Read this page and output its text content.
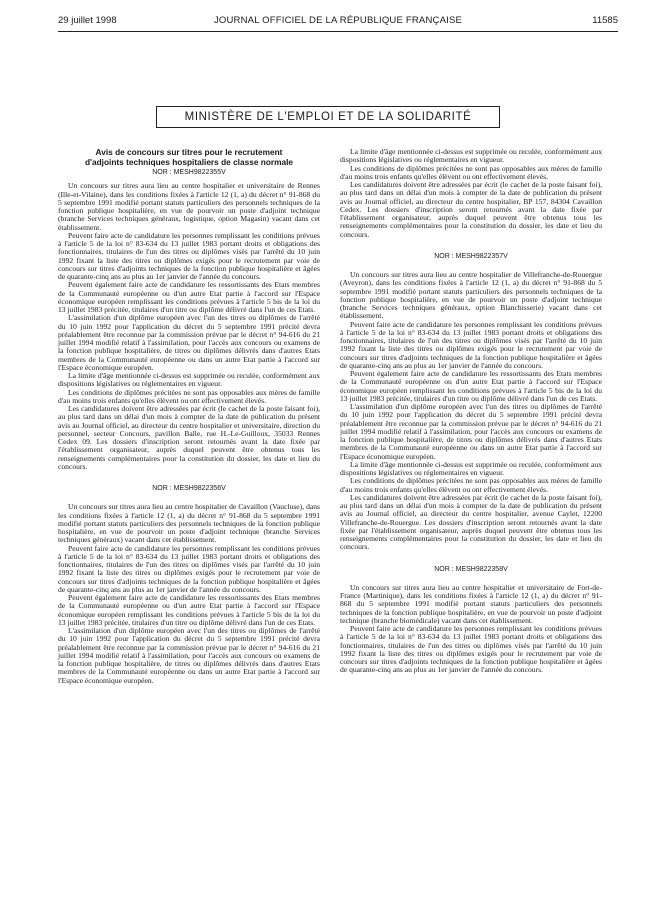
29 juillet 1998	JOURNAL OFFICIEL DE LA RÉPUBLIQUE FRANÇAISE	11585
MINISTÈRE DE L'EMPLOI ET DE LA SOLIDARITÉ

Avis de concours sur titres pour le recrutement

d'adjoints techniques hospitaliers de classe normale

NOR : MESH9822355V

Un concours sur titres aura lieu au centre hospitalier et universitaire de Rennes (Ille-et-Vilaine), dans les conditions fixées à l'article 12 (1, a) du décret n° 91-868 du 5 septembre 1991 modifié portant statuts particuliers des personnels techniques de la fonction publique hospitalière, en vue de pourvoir un poste d'adjoint technique (branche Services techniques généraux, logistique, option Magasin) vacant dans cet établissement.

Peuvent faire acte de candidature les personnes remplissant les conditions prévues à l'article 5 de la loi n° 83-634 du 13 juillet 1983 portant droits et obligations des fonctionnaires, titulaires de l'un des titres ou diplômes visés par l'arrêté du 10 juin 1992 fixant la liste des titres ou diplômes exigés pour le recrutement par voie de concours sur titres d'adjoints techniques de la fonction publique hospitalière et âgées de quarante-cinq ans au plus au 1er janvier de l'année du concours.

Peuvent également faire acte de candidature les ressortissants des Etats membres de la Communauté européenne ou d'un autre Etat partie à l'accord sur l'Espace économique européen remplissant les conditions prévues à l'article 5 bis de la loi du 13 juillet 1983 précitée, titulaires d'un titre ou diplôme délivré dans l'un de ces Etats.

L'assimilation d'un diplôme européen avec l'un des titres ou diplômes de l'arrêté du 10 juin 1992 pour l'application du décret du 5 septembre 1991 précité devra préalablement être reconnue par la commission prévue par le décret n° 94-616 du 21 juillet 1994 modifié relatif à l'assimilation, pour l'accès aux concours ou examens de la fonction publique hospitalière, de titres ou diplômes délivrés dans d'autres Etats membres de la Communauté européenne ou dans un autre Etat partie à l'accord sur l'Espace économique européen.

La limite d'âge mentionnée ci-dessus est supprimée ou reculée, conformément aux dispositions législatives ou réglementaires en vigueur.

Les conditions de diplômes précitées ne sont pas opposables aux mères de famille d'au moins trois enfants qu'elles élèvent ou ont effectivement élevés.

Les candidatures doivent être adressées par écrit (le cachet de la poste faisant foi), au plus tard dans un délai d'un mois à compter de la date de publication du présent avis au Journal officiel, au directeur du centre hospitalier et universitaire, direction du personnel, secteur Concours, pavillon Balle, rue H.-Le-Guilloux, 35033 Rennes Cedex 09. Les dossiers d'inscription seront retournés avant la date fixée par l'établissement organisateur, auprès duquel peuvent être obtenus tous les renseignements complémentaires pour la constitution du dossier, les date et lieu du concours.

NOR : MESH9822356V

Un concours sur titres aura lieu au centre hospitalier de Cavaillon (Vaucluse), dans les conditions fixées à l'article 12 (1, a) du décret n° 91-868 du 5 septembre 1991 modifié portant statuts particuliers des personnels techniques de la fonction publique hospitalière, en vue de pourvoir un poste d'adjoint technique (branche Services techniques généraux) vacant dans cet établissement.

Peuvent faire acte de candidature les personnes remplissant les conditions prévues à l'article 5 de la loi n° 83-634 du 13 juillet 1983 portant droits et obligations des fonctionnaires, titulaires de l'un des titres ou diplômes visés par l'arrêté du 10 juin 1992 fixant la liste des titres ou diplômes exigés pour le recrutement par voie de concours sur titres d'adjoints techniques de la fonction publique hospitalière et âgées de quarante-cinq ans au plus au 1er janvier de l'année du concours.

Peuvent également faire acte de candidature les ressortissants des Etats membres de la Communauté européenne ou d'un autre Etat partie à l'accord sur l'Espace économique européen remplissant les conditions prévues à l'article 5 bis de la loi du 13 juillet 1983 précitée, titulaires d'un titre ou diplôme délivré dans l'un de ces Etats.

L'assimilation d'un diplôme européen avec l'un des titres ou diplômes de l'arrêté du 10 juin 1992 pour l'application du décret du 5 septembre 1991 précité devra préalablement être reconnue par la commission prévue par le décret n° 94-616 du 21 juillet 1994 modifié relatif à l'assimilation, pour l'accès aux concours ou examens de la fonction publique hospitalière, de titres ou diplômes délivrés dans d'autres Etats membres de la Communauté européenne ou dans un autre Etat partie à l'accord sur l'Espace économique européen.

La limite d'âge mentionnée ci-dessus est supprimée ou reculée, conformément aux dispositions législatives ou réglementaires en vigueur.

Les conditions de diplômes précitées ne sont pas opposables aux mères de famille d'au moins trois enfants qu'elles élèvent ou ont effectivement élevés.

Les candidatures doivent être adressées par écrit (le cachet de la poste faisant foi), au plus tard dans un délai d'un mois à compter de la date de publication du présent avis au Journal officiel, au directeur du centre hospitalier, BP 157, 84304 Cavaillon Cedex. Les dossiers d'inscription seront retournés avant la date fixée par l'établissement organisateur, auprès duquel peuvent être obtenus tous les renseignements complémentaires pour la constitution du dossier, les date et lieu du concours.

NOR : MESH9822357V

Un concours sur titres aura lieu au centre hospitalier de Villefranche-de-Rouergue (Aveyron), dans les conditions fixées à l'article 12 (1, a) du décret n° 91-868 du 5 septembre 1991 modifié portant statuts particuliers des personnels techniques de la fonction publique hospitalière, en vue de pourvoir un poste d'adjoint technique (branche Services techniques généraux, option Blanchisserie) vacant dans cet établissement.

Peuvent faire acte de candidature les personnes remplissant les conditions prévues à l'article 5 de la loi n° 83-634 du 13 juillet 1983 portant droits et obligations des fonctionnaires, titulaires de l'un des titres ou diplômes visés par l'arrêté du 10 juin 1992 fixant la liste des titres ou diplômes exigés pour le recrutement par voie de concours sur titres d'adjoints techniques de la fonction publique hospitalière et âgées de quarante-cinq ans au plus au 1er janvier de l'année du concours.

Peuvent également faire acte de candidature les ressortissants des Etats membres de la Communauté européenne ou d'un autre Etat partie à l'accord sur l'Espace économique européen remplissant les conditions prévues à l'article 5 bis de la loi du 13 juillet 1983 précitée, titulaires d'un titre ou diplôme délivré dans l'un de ces Etats.

L'assimilation d'un diplôme européen avec l'un des titres ou diplômes de l'arrêté du 10 juin 1992 pour l'application du décret du 5 septembre 1991 précité devra préalablement être reconnue par la commission prévue par le décret n° 94-616 du 21 juillet 1994 modifié relatif à l'assimilation, pour l'accès aux concours ou examens de la fonction publique hospitalière, de titres ou diplômes délivrés dans d'autres Etats membres de la Communauté européenne ou dans un autre Etat partie à l'accord sur l'Espace économique européen.

La limite d'âge mentionnée ci-dessus est supprimée ou reculée, conformément aux dispositions législatives ou réglementaires en vigueur.

Les conditions de diplômes précitées ne sont pas opposables aux mères de famille d'au moins trois enfants qu'elles élèvent ou ont effectivement élevés.

Les candidatures doivent être adressées par écrit (le cachet de la poste faisant foi), au plus tard dans un délai d'un mois à compter de la date de publication du présent avis au Journal officiel, au directeur du centre hospitalier, avenue Caylet, 12200 Villefranche-de-Rouergue. Les dossiers d'inscription seront retournés avant la date fixée par l'établissement organisateur, auprès duquel peuvent être obtenus tous les renseignements complémentaires pour la constitution du dossier, les date et lieu du concours.

NOR : MESH9822358V

Un concours sur titres aura lieu au centre hospitalier et universitaire de Fort-de-France (Martinique), dans les conditions fixées à l'article 12 (1, a) du décret n° 91-868 du 5 septembre 1991 modifié portant statuts particuliers des personnels techniques de la fonction publique hospitalière, en vue de pourvoir un poste d'adjoint technique (branche biomédicale) vacant dans cet établissement.

Peuvent faire acte de candidature les personnes remplissant les conditions prévues à l'article 5 de la loi n° 83-634 du 13 juillet 1983 portant droits et obligations des fonctionnaires, titulaires de l'un des titres ou diplômes visés par l'arrêté du 10 juin 1992 fixant la liste des titres ou diplômes exigés pour le recrutement par voie de concours sur titres d'adjoints techniques de la fonction publique hospitalière et âgées de quarante-cinq ans au plus au 1er janvier de l'année du concours.
